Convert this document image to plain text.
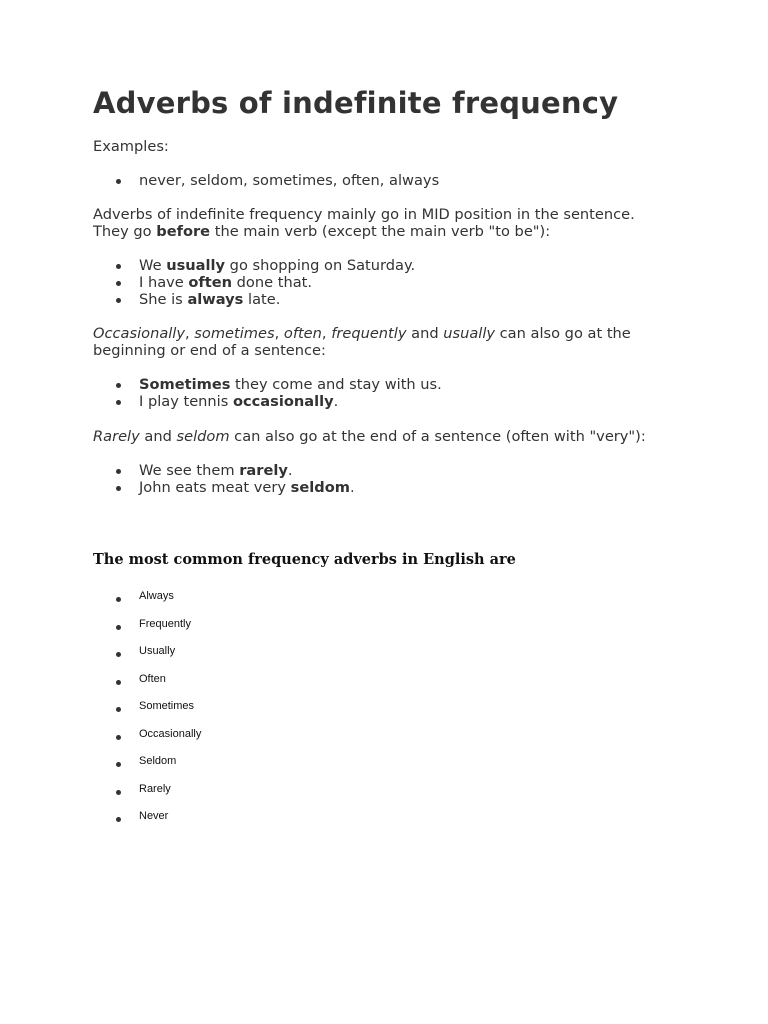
Adverbs of indefinite frequency

Examples:

never, seldom, sometimes, often, always

Adverbs of indefinite frequency mainly go in MID position in the sentence.
They go before the main verb (except the main verb "to be"):

We usually go shopping on Saturday.
I have often done that.
She is always late.

Occasionally, sometimes, often, frequently and usually can also go at the
beginning or end of a sentence:

Sometimes they come and stay with us.
I play tennis occasionally.

Rarely and seldom can also go at the end of a sentence (often with "very"):

We see them rarely.
John eats meat very seldom.
The most common frequency adverbs in English are
Always
Frequently
Usually
Often
Sometimes
Occasionally
Seldom
Rarely
Never
